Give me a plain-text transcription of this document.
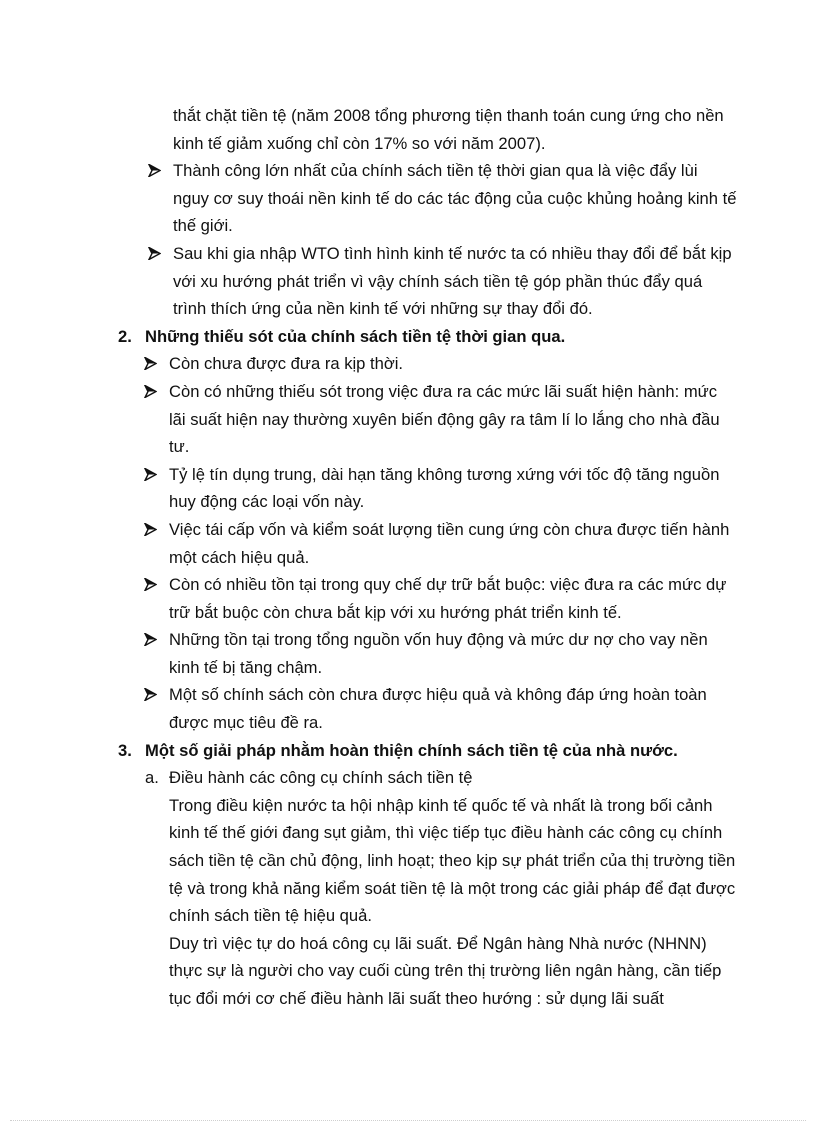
thắt chặt tiền tệ (năm 2008 tổng phương tiện thanh toán cung ứng cho nền kinh tế giảm xuống chỉ còn 17% so với năm 2007).
Thành công lớn nhất của chính sách tiền tệ thời gian qua là việc đẩy lùi nguy cơ suy thoái nền kinh tế do các tác động của cuộc khủng hoảng kinh tế thế giới.
Sau khi gia nhập WTO tình hình kinh tế nước ta có nhiều thay đổi để bắt kịp với xu hướng phát triển vì vậy chính sách tiền tệ góp phần thúc đẩy quá trình thích ứng của nền kinh tế với những sự thay đổi đó.
2. Những thiếu sót của chính sách tiền tệ thời gian qua.
Còn chưa được đưa ra kịp thời.
Còn có những thiếu sót trong việc đưa ra các mức lãi suất hiện hành: mức lãi suất hiện nay thường xuyên biến động gây ra tâm lí lo lắng cho nhà đầu tư.
Tỷ lệ tín dụng trung, dài hạn tăng không tương xứng với tốc độ tăng nguồn huy động các loại vốn này.
Việc tái cấp vốn và kiểm soát lượng tiền cung ứng còn chưa được tiến hành một cách hiệu quả.
Còn có nhiều tồn tại trong quy chế dự trữ bắt buộc: việc đưa ra các mức dự trữ bắt buộc còn chưa bắt kịp với xu hướng phát triển kinh tế.
Những tồn tại trong tổng nguồn vốn huy động và mức dư nợ cho vay nền kinh tế bị tăng chậm.
Một số chính sách còn chưa được hiệu quả và không đáp ứng hoàn toàn được mục tiêu đề ra.
3. Một số giải pháp nhằm hoàn thiện chính sách tiền tệ của nhà nước.
a. Điều hành các công cụ chính sách tiền tệ
Trong điều kiện nước ta hội nhập kinh tế quốc tế và nhất là trong bối cảnh kinh tế thế giới đang sụt giảm, thì việc tiếp tục điều hành các công cụ chính sách tiền tệ cần chủ động, linh hoạt; theo kịp sự phát triển của thị trường tiền tệ và trong khả năng kiểm soát tiền tệ là một trong các giải pháp để đạt được chính sách tiền tệ hiệu quả.
Duy trì việc tự do hoá công cụ lãi suất. Để Ngân hàng Nhà nước (NHNN) thực sự là người cho vay cuối cùng trên thị trường liên ngân hàng, cần tiếp tục đổi mới cơ chế điều hành lãi suất theo hướng : sử dụng lãi suất
